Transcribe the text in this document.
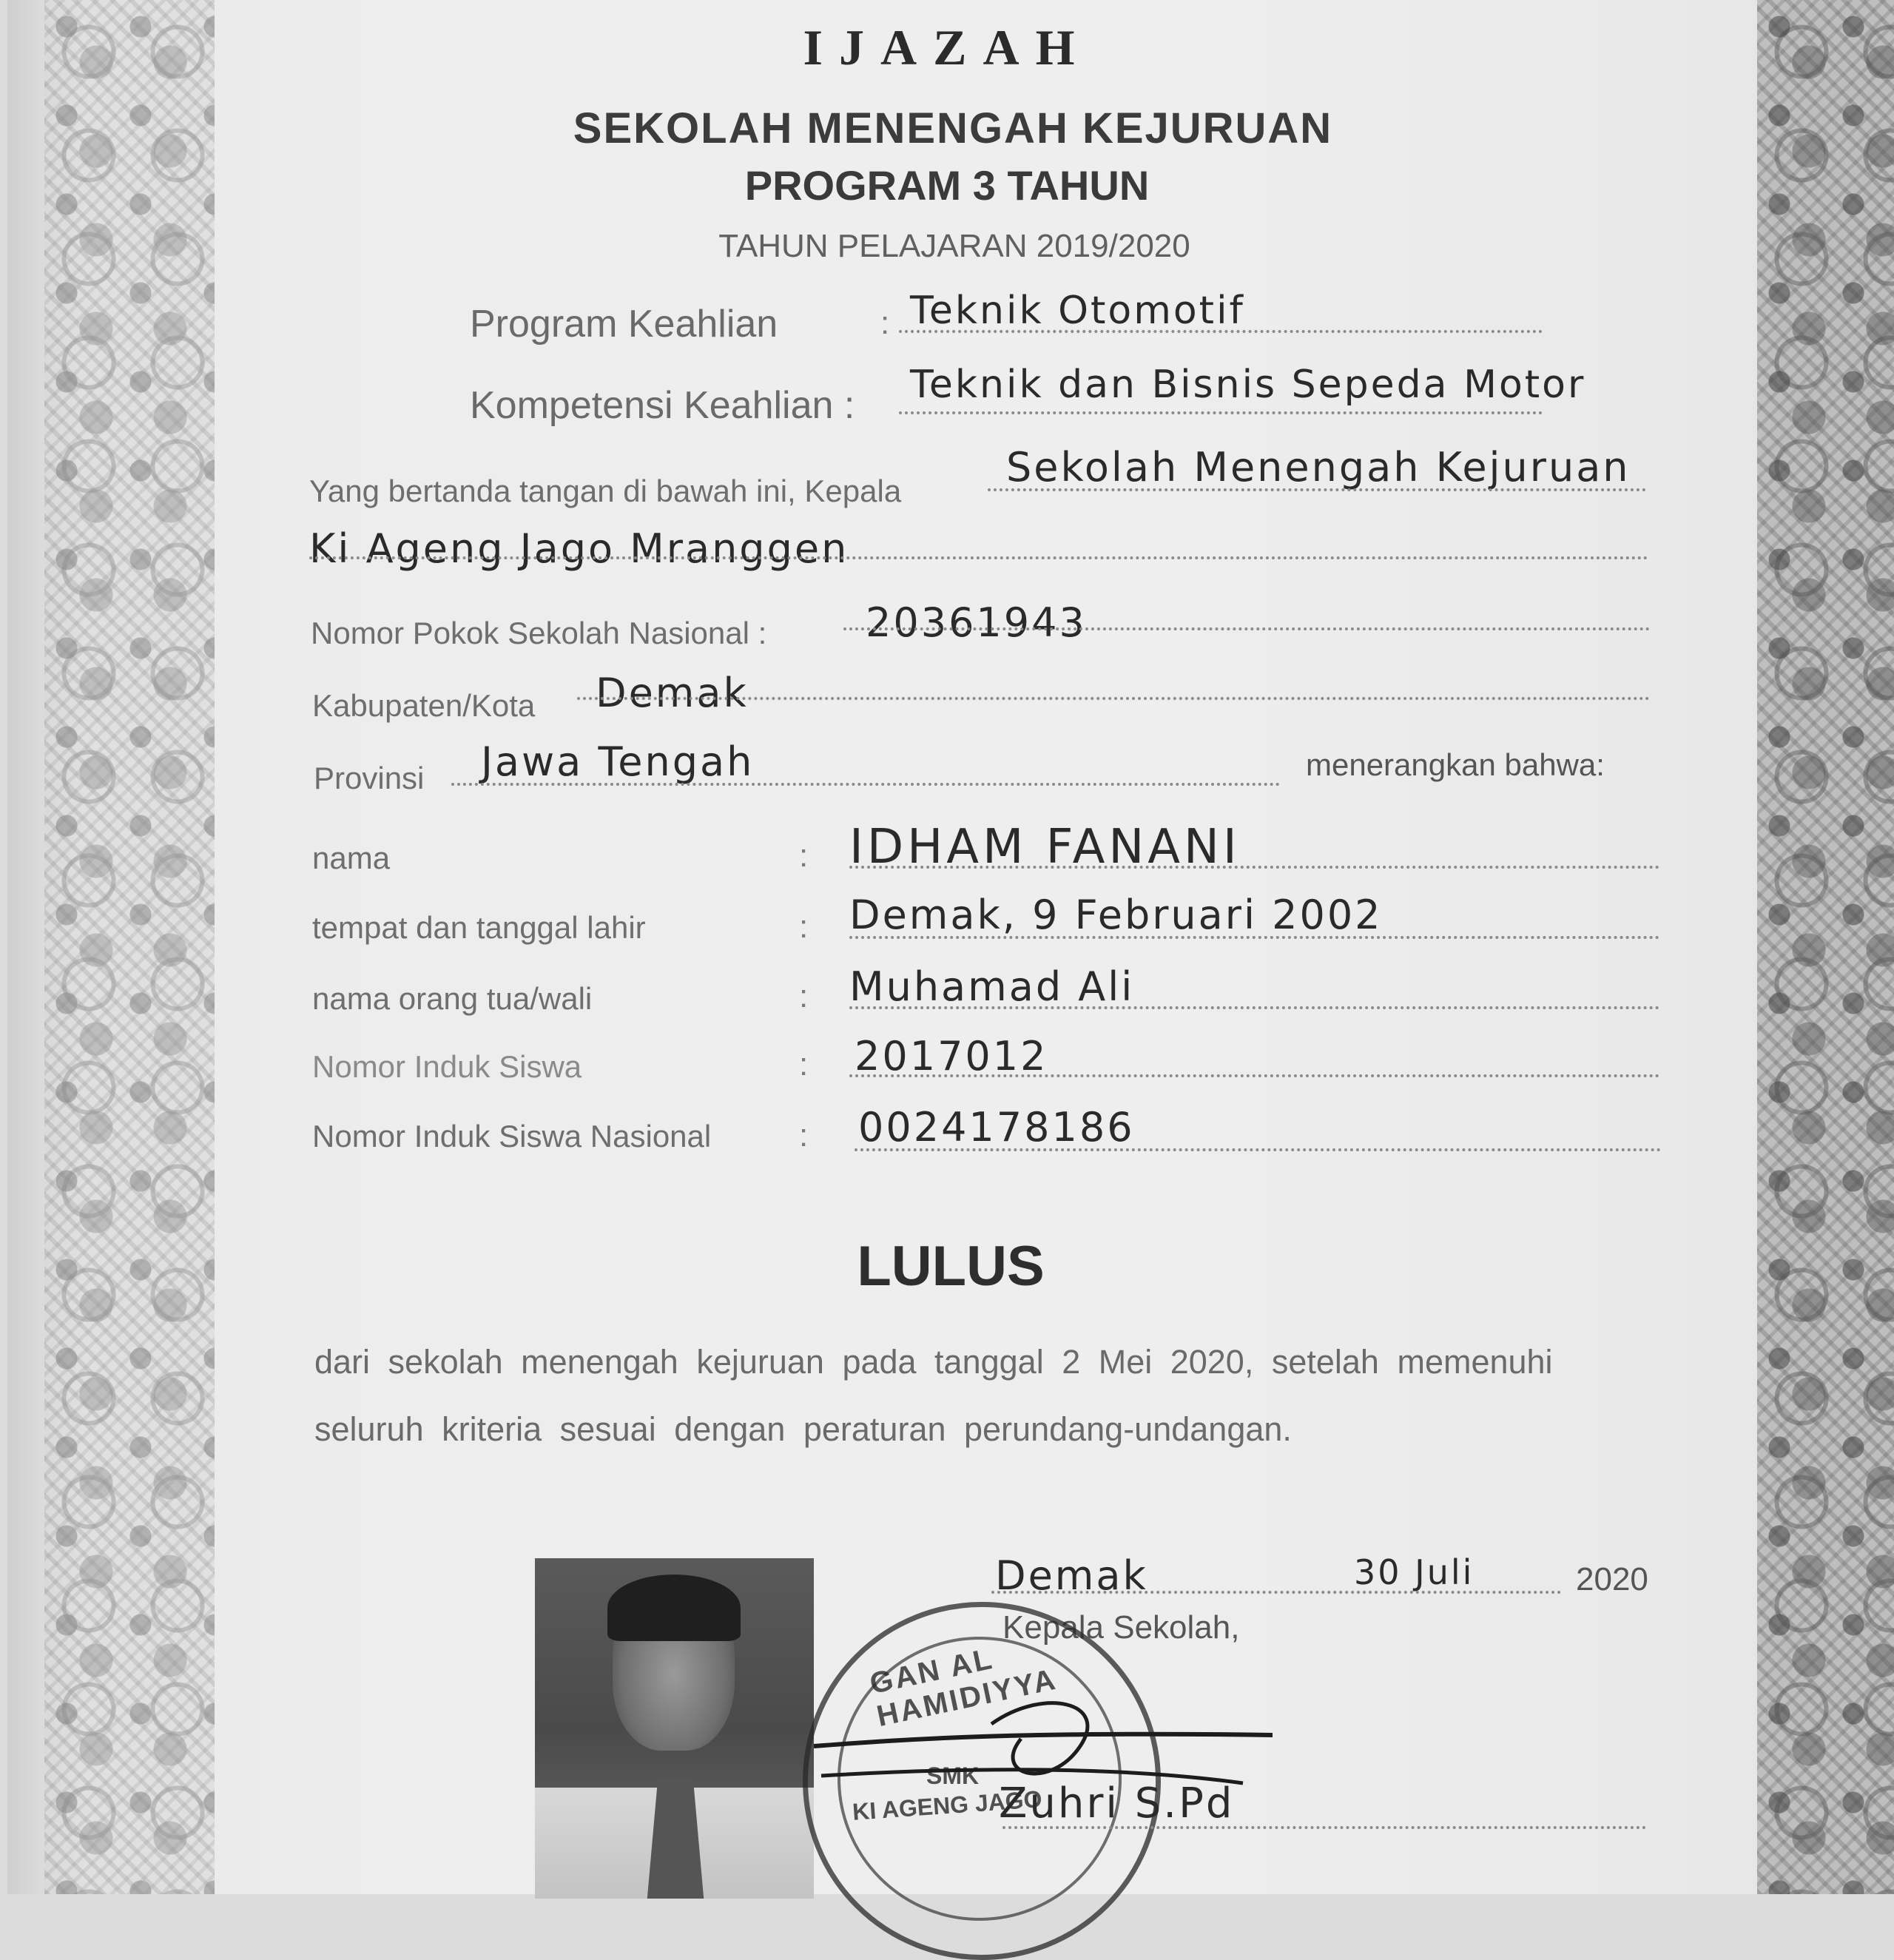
IJAZAH
SEKOLAH MENENGAH KEJURUAN
PROGRAM 3 TAHUN
TAHUN PELAJARAN 2019/2020
Program Keahlian	: Teknik Otomotif
Kompetensi Keahlian : Teknik dan Bisnis Sepeda Motor
Yang bertanda tangan di bawah ini, Kepala
Sekolah Menengah Kejuruan
Ki Ageng Jago Mranggen
Nomor Pokok Sekolah Nasional : 20361943
Kabupaten/Kota Demak
Provinsi Jawa Tengah	menerangkan bahwa:
nama	: IDHAM FANANI
tempat dan tanggal lahir	: Demak, 9 Februari 2002
nama orang tua/wali	: Muhamad Ali
Nomor Induk Siswa	: 2017012
Nomor Induk Siswa Nasional	: 0024178186
LULUS
dari sekolah menengah kejuruan pada tanggal 2 Mei 2020, setelah memenuhi
seluruh kriteria sesuai dengan peraturan perundang-undangan.
Demak	30 Juli	2020
Kepala Sekolah,
GAN AL HAMIDIYYA
SMK
KI AGENG JAGO
Zuhri S.Pd
